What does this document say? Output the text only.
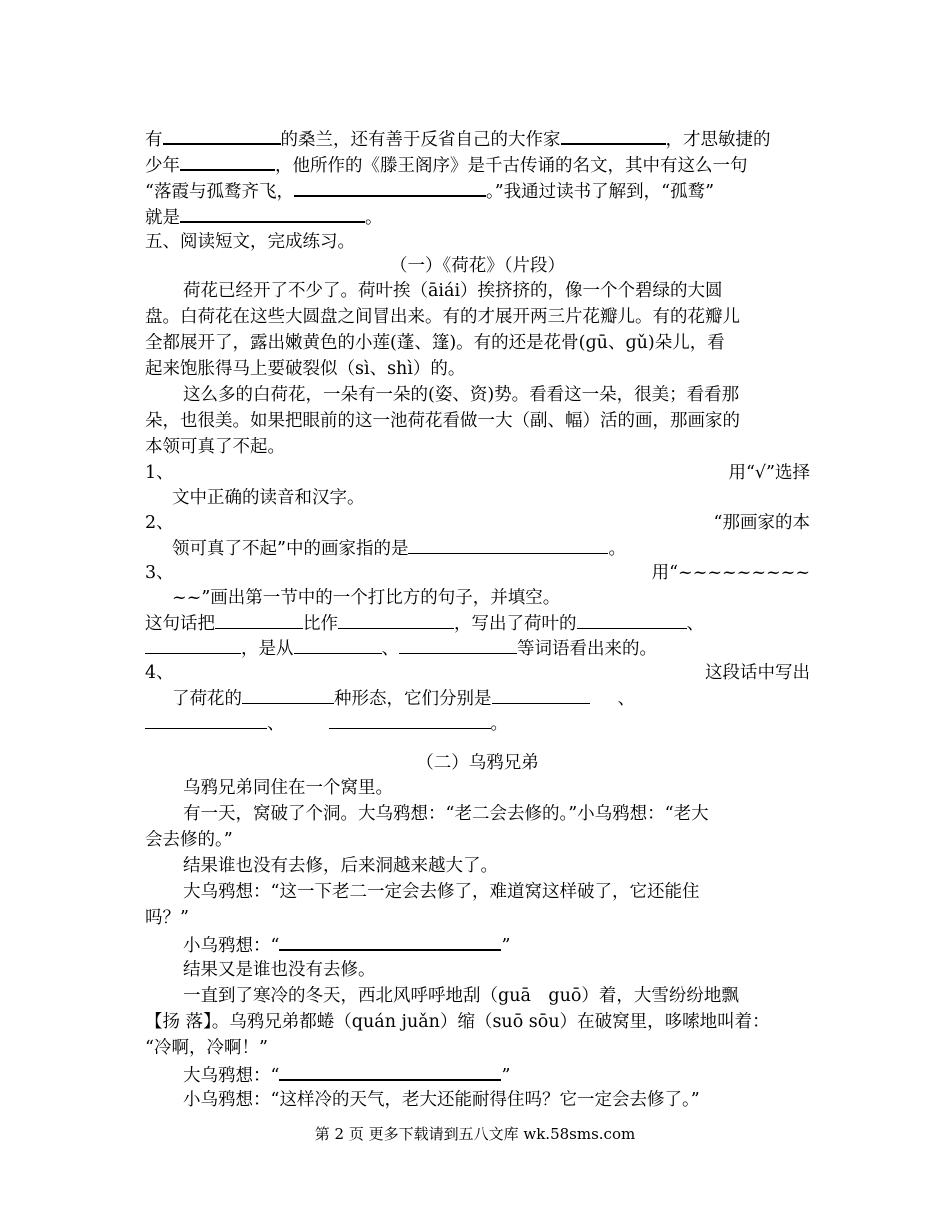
有	的桑兰，还有善于反省自己的大作家	，才思敏捷的
少年	，他所作的《滕王阁序》是千古传诵的名文，其中有这么一句
“落霞与孤鹜齐飞，	。”我通过读书了解到，“孤鹜”
就是	。
五、阅读短文，完成练习。
（一）《荷花》（片段）
荷花已经开了不少了。荷叶挨（āiái）挨挤挤的，像一个个碧绿的大圆
盘。白荷花在这些大圆盘之间冒出来。有的才展开两三片花瓣儿。有的花瓣儿
全都展开了，露出嫩黄色的小莲(蓬、篷)。有的还是花骨(ɡū、ɡǔ)朵儿，看
起来饱胀得马上要破裂似（sì、shì）的。
这么多的白荷花，一朵有一朵的(姿、资)势。看看这一朵，很美；看看那
朵，也很美。如果把眼前的这一池荷花看做一大（副、幅）活的画，那画家的
本领可真了不起。
1、	用“√”选择
文中正确的读音和汉字。
2、	“那画家的本
领可真了不起”中的画家指的是	。
3、	用“~~~~~~~~~
~~”画出第一节中的一个打比方的句子，并填空。
这句话把	比作	，写出了荷叶的	、
，是从	、	等词语看出来的。
4、	这段话中写出
了荷花的	种形态，它们分别是	、
、	。
（二）乌鸦兄弟
乌鸦兄弟同住在一个窝里。
有一天，窝破了个洞。大乌鸦想：“老二会去修的。”小乌鸦想：“老大
会去修的。”
结果谁也没有去修，后来洞越来越大了。
大乌鸦想：“这一下老二一定会去修了，难道窝这样破了，它还能住
吗？”
小乌鸦想：“	”
结果又是谁也没有去修。
一直到了寒冷的冬天，西北风呼呼地刮（guā　guō）着，大雪纷纷地飘
【扬 落】。乌鸦兄弟都蜷（quán juǎn）缩（suō sōu）在破窝里，哆嗦地叫着：
“冷啊，冷啊！”
大乌鸦想：“	”
小乌鸦想：“这样冷的天气，老大还能耐得住吗？它一定会去修了。”
第 2 页 更多下载请到五八文库 wk.58sms.com
